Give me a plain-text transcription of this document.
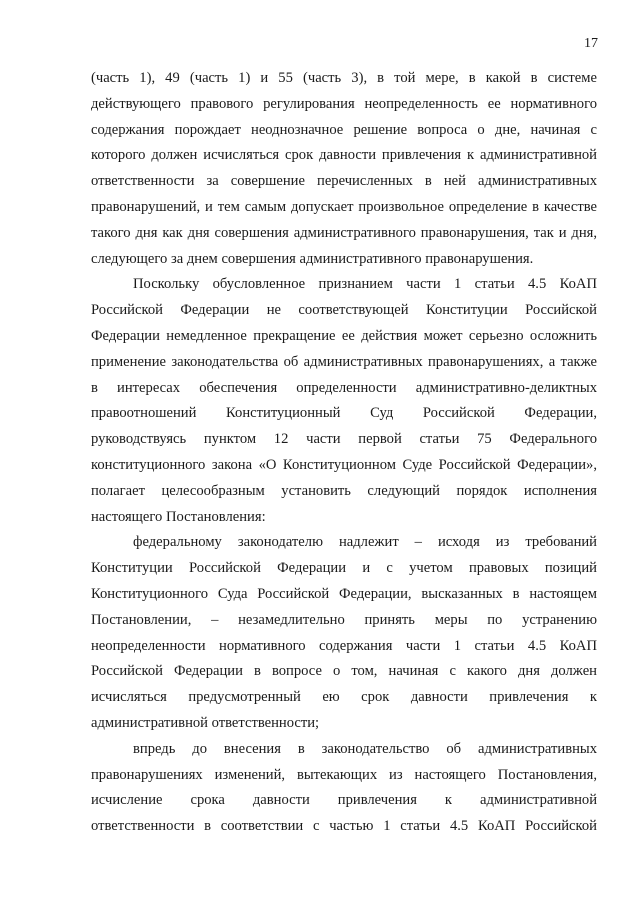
17
(часть 1), 49 (часть 1) и 55 (часть 3), в той мере, в какой в системе
действующего правового регулирования неопределенность ее нормативного
содержания порождает неоднозначное решение вопроса о дне, начиная с
которого должен исчисляться срок давности привлечения к административной
ответственности за совершение перечисленных в ней административных
правонарушений, и тем самым допускает произвольное определение в качестве
такого дня как дня совершения административного правонарушения, так и дня,
следующего за днем совершения административного правонарушения.
Поскольку обусловленное признанием части 1 статьи 4.5 КоАП
Российской Федерации не соответствующей Конституции Российской
Федерации немедленное прекращение ее действия может серьезно осложнить
применение законодательства об административных правонарушениях, а также
в интересах обеспечения определенности административно-деликтных
правоотношений Конституционный Суд Российской Федерации,
руководствуясь пунктом 12 части первой статьи 75 Федерального
конституционного закона «О Конституционном Суде Российской Федерации»,
полагает целесообразным установить следующий порядок исполнения
настоящего Постановления:
федеральному законодателю надлежит – исходя из требований
Конституции Российской Федерации и с учетом правовых позиций
Конституционного Суда Российской Федерации, высказанных в настоящем
Постановлении, – незамедлительно принять меры по устранению
неопределенности нормативного содержания части 1 статьи 4.5 КоАП
Российской Федерации в вопросе о том, начиная с какого дня должен
исчисляться предусмотренный ею срок давности привлечения к
административной ответственности;
впредь до внесения в законодательство об административных
правонарушениях изменений, вытекающих из настоящего Постановления,
исчисление срока давности привлечения к административной
ответственности в соответствии с частью 1 статьи 4.5 КоАП Российской
